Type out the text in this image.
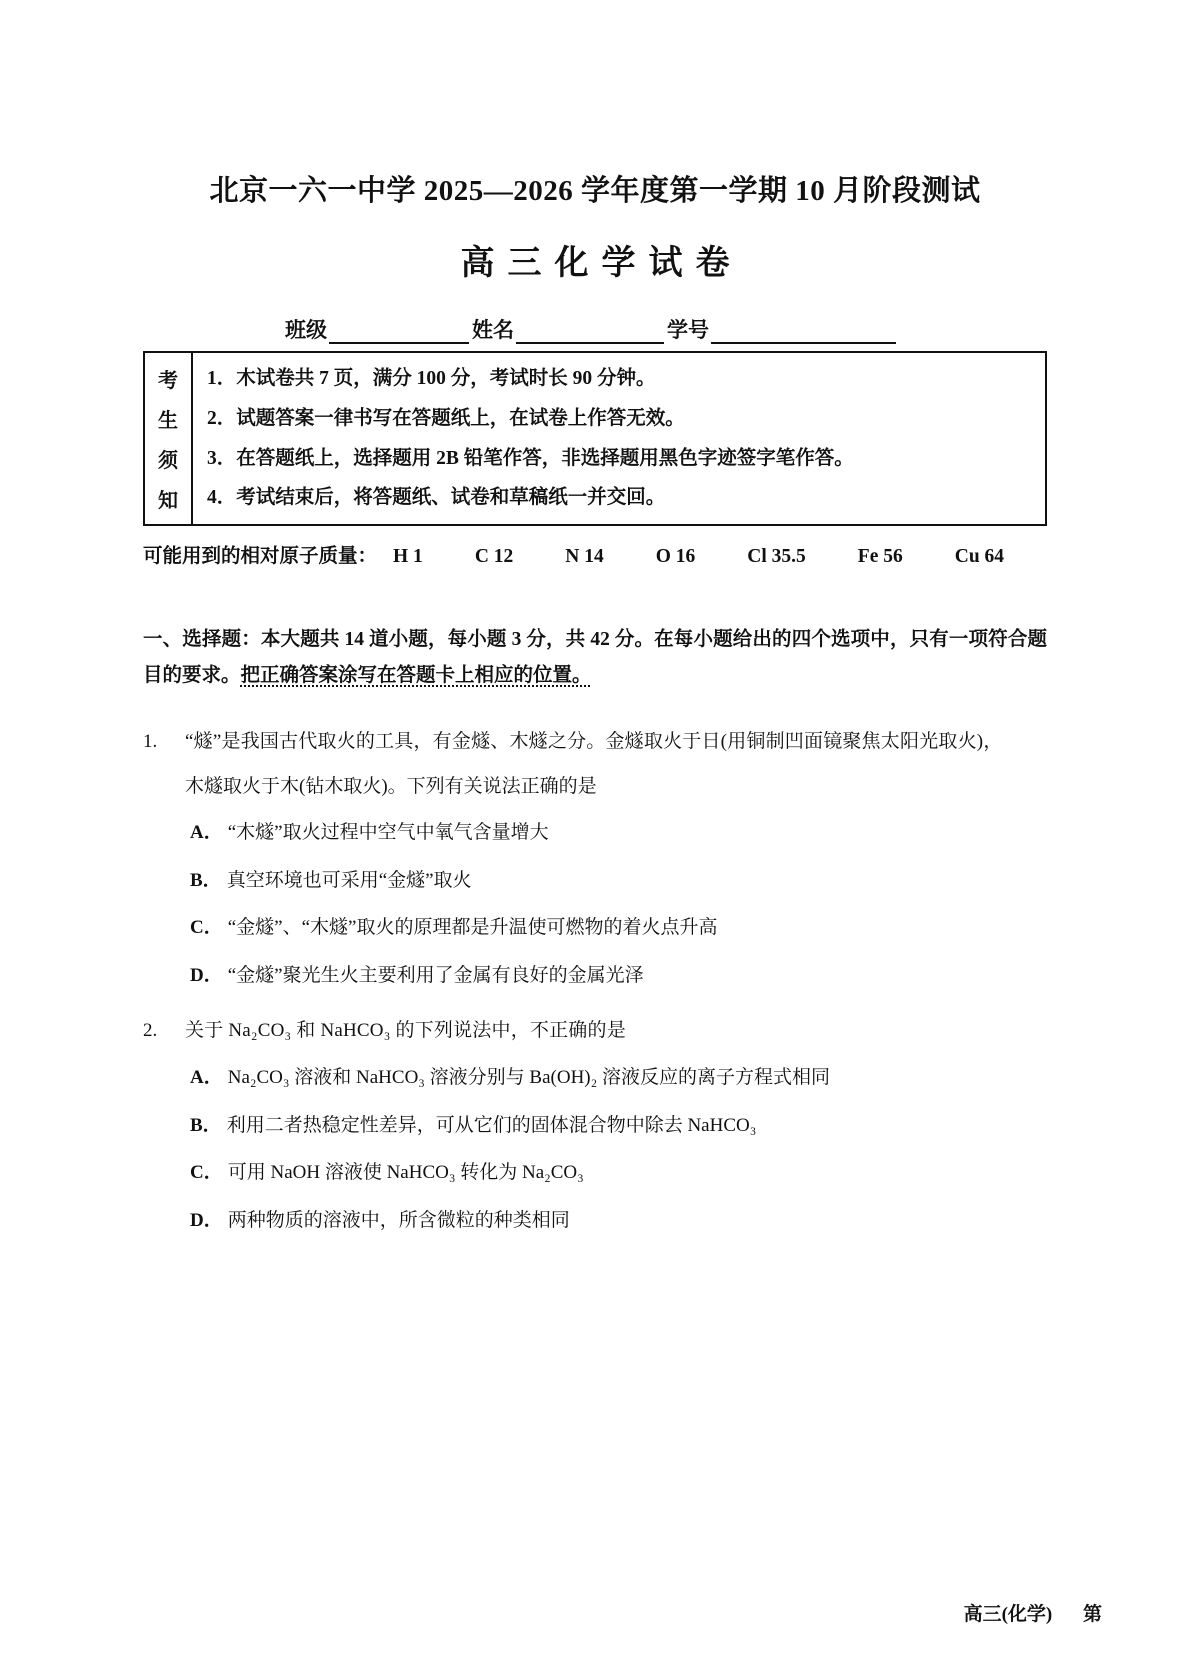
北京一六一中学 2025—2026 学年度第一学期 10 月阶段测试
高三化学试卷
班级	姓名	学号
考
生
须
知
1．木试卷共 7 页，满分 100 分，考试时长 90 分钟。
2．试题答案一律书写在答题纸上，在试卷上作答无效。
3．在答题纸上，选择题用 2B 铅笔作答，非选择题用黑色字迹签字笔作答。
4．考试结束后，将答题纸、试卷和草稿纸一并交回。
可能用到的相对原子质量： H 1	C 12	N 14	O 16	Cl 35.5	Fe 56	Cu 64
一、选择题：本大题共 14 道小题，每小题 3 分，共 42 分。在每小题给出的四个选项中，只有一项符合题目的要求。把正确答案涂写在答题卡上相应的位置。
1.	“燧”是我国古代取火的工具，有金燧、木燧之分。金燧取火于日(用铜制凹面镜聚焦太阳光取火)，
木燧取火于木(钻木取火)。下列有关说法正确的是
A． “木燧”取火过程中空气中氧气含量增大
B． 真空环境也可采用“金燧”取火
C． “金燧”、“木燧”取火的原理都是升温使可燃物的着火点升高
D． “金燧”聚光生火主要利用了金属有良好的金属光泽
2.	关于 Na₂CO₃ 和 NaHCO₃ 的下列说法中，不正确的是
A． Na₂CO₃ 溶液和 NaHCO₃ 溶液分别与 Ba(OH)₂ 溶液反应的离子方程式相同
B． 利用二者热稳定性差异，可从它们的固体混合物中除去 NaHCO₃
C． 可用 NaOH 溶液使 NaHCO₃ 转化为 Na₂CO₃
D． 两种物质的溶液中，所含微粒的种类相同
高三(化学) 第
